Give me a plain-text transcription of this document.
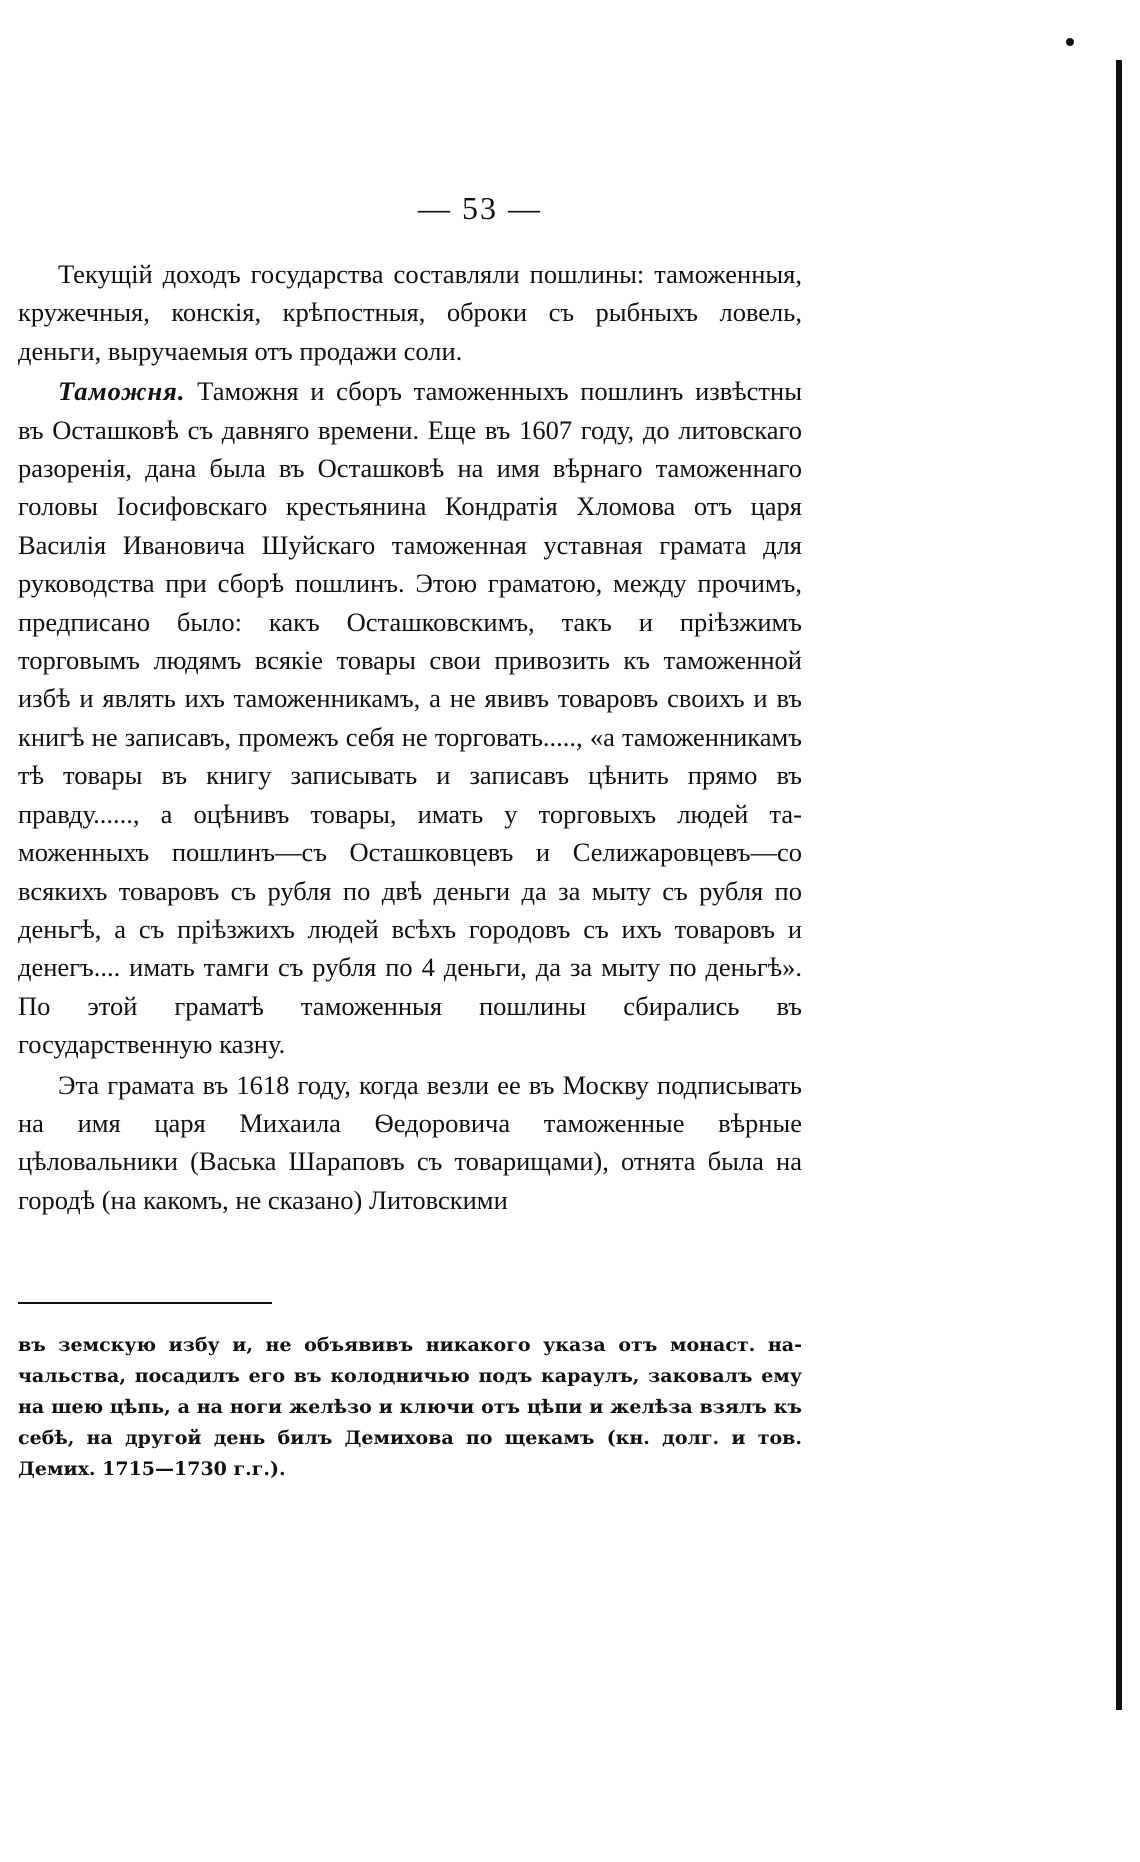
— 53 —

Текущій доходъ государства составляли пошлины: таможенныя, кружечныя, конскія, крѣпостныя, оброки съ рыбныхъ ловель, деньги, выручаемыя отъ продажи соли.

Таможня. Таможня и сборъ таможенныхъ пошлинъ извѣстны въ Осташковѣ съ давняго времени. Еще въ 1607 году, до литовскаго разоренія, дана была въ Осташковѣ на имя вѣрнаго таможеннаго головы Іосифовскаго крестьянина Кондратія Хломова отъ царя Василія Ивановича Шуйскаго таможенная уставная грамата для руководства при сборѣ пошлинъ. Этою граматою, между прочимъ, предписано было: какъ Осташковскимъ, такъ и пріѣзжимъ торговымъ людямъ всякіе товары свои привозить къ таможенной избѣ и являть ихъ таможенникамъ, а не явивъ товаровъ своихъ и въ книгѣ не записавъ, промежъ себя не торговать....., «а таможенникамъ тѣ товары въ книгу записывать и записавъ цѣнить прямо въ правду......, а оцѣнивъ товары, имать у торговыхъ людей таможенныхъ пошлинъ—съ Осташковцевъ и Селижаровцевъ—со всякихъ товаровъ съ рубля по двѣ деньги да за мыту съ рубля по деньгѣ, а съ пріѣзжихъ людей всѣхъ городовъ съ ихъ товаровъ и денегъ.... имать тамги съ рубля по 4 деньги, да за мыту по деньгѣ». По этой граматѣ таможенныя пошлины сбирались въ государственную казну.

Эта грамата въ 1618 году, когда везли ее въ Москву подписывать на имя царя Михаила Ѳедоровича таможенные вѣрные цѣловальники (Васька Шараповъ съ товарищами), отнята была на городѣ (на какомъ, не сказано) Литовскими

въ земскую избу и, не объявивъ никакого указа отъ монаст. начальства, посадилъ его въ колодничью подъ караулъ, заковалъ ему на шею цѣпь, а на ноги желѣзо и ключи отъ цѣпи и желѣза взялъ къ себѣ, на другой день билъ Демихова по щекамъ (кн. долг. и тов. Демих. 1715—1730 г.г.).
